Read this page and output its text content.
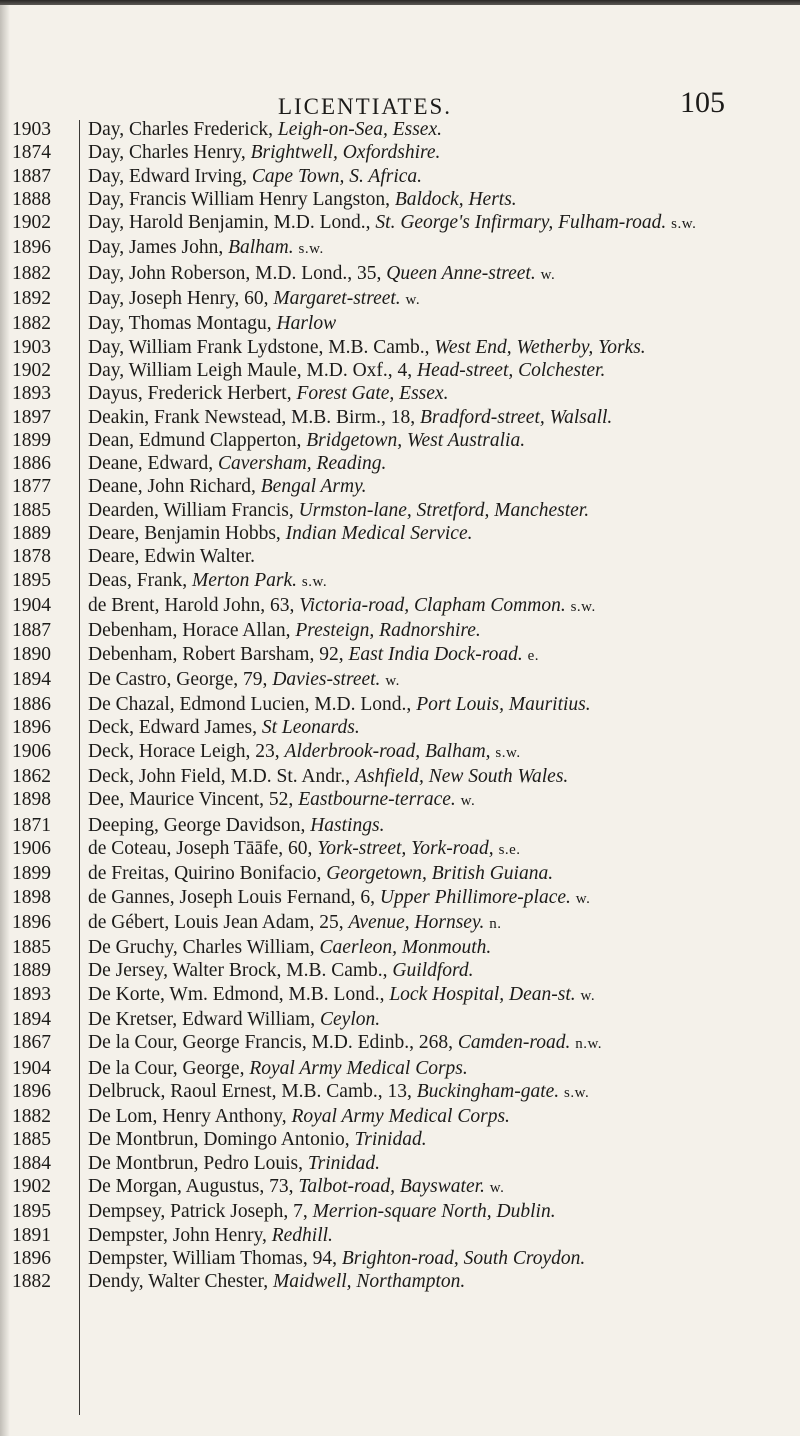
LICENTIATES.	105
1903	Day, Charles Frederick, Leigh-on-Sea, Essex.
1874	Day, Charles Henry, Brightwell, Oxfordshire.
1887	Day, Edward Irving, Cape Town, S. Africa.
1888	Day, Francis William Henry Langston, Baldock, Herts.
1902	Day, Harold Benjamin, M.D. Lond., St. George's Infirmary, Fulham-road. s.w.
1896	Day, James John, Balham. s.w.
1882	Day, John Roberson, M.D. Lond., 35, Queen Anne-street. w.
1892	Day, Joseph Henry, 60, Margaret-street. w.
1882	Day, Thomas Montagu, Harlow
1903	Day, William Frank Lydstone, M.B. Camb., West End, Wetherby, Yorks.
1902	Day, William Leigh Maule, M.D. Oxf., 4, Head-street, Colchester.
1893	Dayus, Frederick Herbert, Forest Gate, Essex.
1897	Deakin, Frank Newstead, M.B. Birm., 18, Bradford-street, Walsall.
1899	Dean, Edmund Clapperton, Bridgetown, West Australia.
1886	Deane, Edward, Caversham, Reading.
1877	Deane, John Richard, Bengal Army.
1885	Dearden, William Francis, Urmston-lane, Stretford, Manchester.
1889	Deare, Benjamin Hobbs, Indian Medical Service.
1878	Deare, Edwin Walter.
1895	Deas, Frank, Merton Park. s.w.
1904	de Brent, Harold John, 63, Victoria-road, Clapham Common. s.w.
1887	Debenham, Horace Allan, Presteign, Radnorshire.
1890	Debenham, Robert Barsham, 92, East India Dock-road. e.
1894	De Castro, George, 79, Davies-street. w.
1886	De Chazal, Edmond Lucien, M.D. Lond., Port Louis, Mauritius.
1896	Deck, Edward James, St Leonards.
1906	Deck, Horace Leigh, 23, Alderbrook-road, Balham, s.w.
1862	Deck, John Field, M.D. St. Andr., Ashfield, New South Wales.
1898	Dee, Maurice Vincent, 52, Eastbourne-terrace. w.
1871	Deeping, George Davidson, Hastings.
1906	de Coteau, Joseph Tāāfe, 60, York-street, York-road, s.e.
1899	de Freitas, Quirino Bonifacio, Georgetown, British Guiana.
1898	de Gannes, Joseph Louis Fernand, 6, Upper Phillimore-place. w.
1896	de Gébert, Louis Jean Adam, 25, Avenue, Hornsey. n.
1885	De Gruchy, Charles William, Caerleon, Monmouth.
1889	De Jersey, Walter Brock, M.B. Camb., Guildford.
1893	De Korte, Wm. Edmond, M.B. Lond., Lock Hospital, Dean-st. w.
1894	De Kretser, Edward William, Ceylon.
1867	De la Cour, George Francis, M.D. Edinb., 268, Camden-road. n.w.
1904	De la Cour, George, Royal Army Medical Corps.
1896	Delbruck, Raoul Ernest, M.B. Camb., 13, Buckingham-gate. s.w.
1882	De Lom, Henry Anthony, Royal Army Medical Corps.
1885	De Montbrun, Domingo Antonio, Trinidad.
1884	De Montbrun, Pedro Louis, Trinidad.
1902	De Morgan, Augustus, 73, Talbot-road, Bayswater. w.
1895	Dempsey, Patrick Joseph, 7, Merrion-square North, Dublin.
1891	Dempster, John Henry, Redhill.
1896	Dempster, William Thomas, 94, Brighton-road, South Croydon.
1882	Dendy, Walter Chester, Maidwell, Northampton.
